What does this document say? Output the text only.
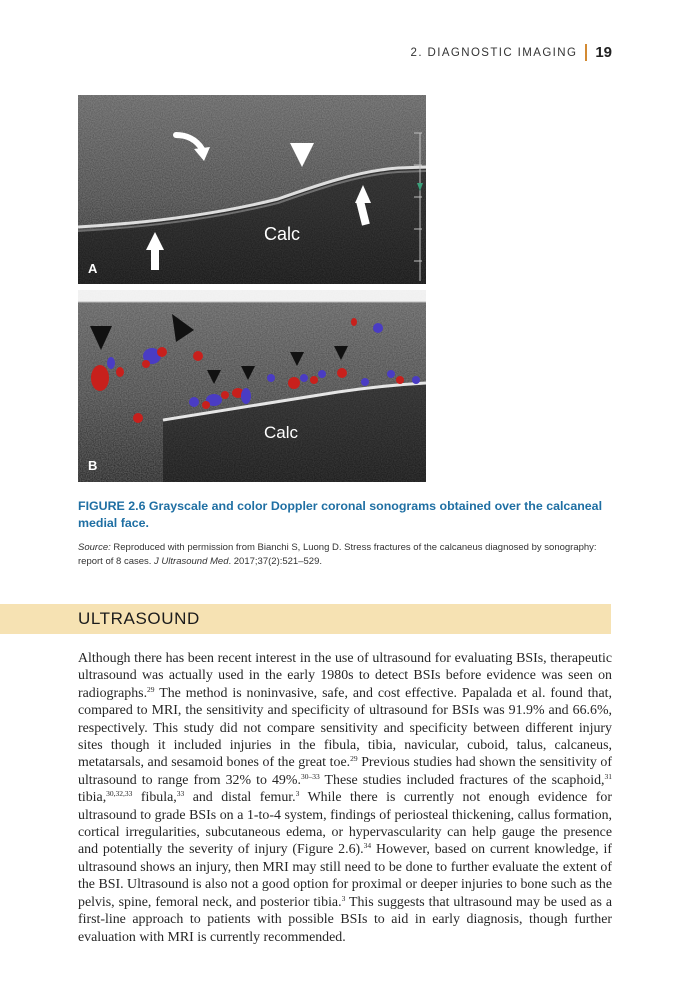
2. DIAGNOSTIC IMAGING 19
Calc
A
Calc
B
FIGURE 2.6 Grayscale and color Doppler coronal sonograms obtained over the calcaneal medial face.
Source: Reproduced with permission from Bianchi S, Luong D. Stress fractures of the calcaneus diagnosed by sonography: report of 8 cases. J Ultrasound Med. 2017;37(2):521–529.
ULTRASOUND
Although there has been recent interest in the use of ultrasound for evaluating BSIs, therapeutic ultrasound was actually used in the early 1980s to detect BSIs before evidence was seen on radiographs.$^{29}$ The method is noninvasive, safe, and cost effective. Papalada et al. found that, compared to MRI, the sensitivity and specificity of ultrasound for BSIs was 91.9% and 66.6%, respectively. This study did not compare sensitivity and specificity between different injury sites though it included injuries in the fibula, tibia, navicular, cuboid, talus, calcaneus, metatarsals, and sesamoid bones of the great toe.$^{29}$ Previous studies had shown the sensitivity of ultrasound to range from 32% to 49%.$^{30-33}$ These studies included fractures of the scaphoid,$^{31}$ tibia,$^{30,32,33}$ fibula,$^{33}$ and distal femur.$^3$ While there is currently not enough evidence for ultrasound to grade BSIs on a 1-to-4 system, findings of periosteal thickening, callus formation, cortical irregularities, subcutaneous edema, or hypervascularity can help gauge the presence and potentially the severity of injury (Figure 2.6).$^{34}$ However, based on current knowledge, if ultrasound shows an injury, then MRI may still need to be done to further evaluate the extent of the BSI. Ultrasound is also not a good option for proximal or deeper injuries to bone such as the pelvis, spine, femoral neck, and posterior tibia.$^3$ This suggests that ultrasound may be used as a first-line approach to patients with possible BSIs to aid in early diagnosis, though further evaluation with MRI is currently recommended.
